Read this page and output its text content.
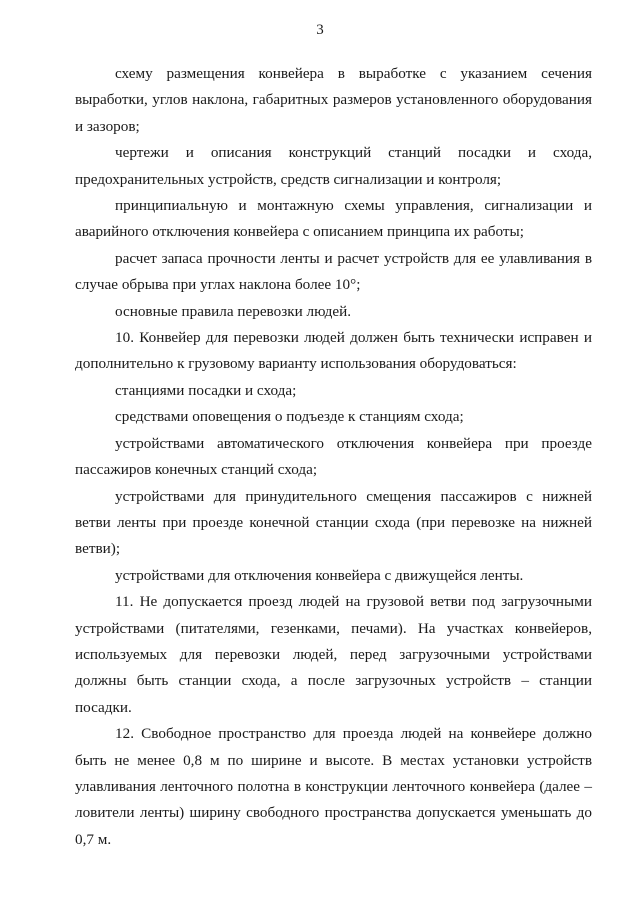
3

схему размещения конвейера в выработке с указанием сечения выработки, углов наклона, габаритных размеров установленного оборудования и зазоров;

чертежи и описания конструкций станций посадки и схода, предохранительных устройств, средств сигнализации и контроля;

принципиальную и монтажную схемы управления, сигнализации и аварийного отключения конвейера с описанием принципа их работы;

расчет запаса прочности ленты и расчет устройств для ее улавливания в случае обрыва при углах наклона более 10°;

основные правила перевозки людей.

10. Конвейер для перевозки людей должен быть технически исправен и дополнительно к грузовому варианту использования оборудоваться:

станциями посадки и схода;

средствами оповещения о подъезде к станциям схода;

устройствами автоматического отключения конвейера при проезде пассажиров конечных станций схода;

устройствами для принудительного смещения пассажиров с нижней ветви ленты при проезде конечной станции схода (при перевозке на нижней ветви);

устройствами для отключения конвейера с движущейся ленты.

11. Не допускается проезд людей на грузовой ветви под загрузочными устройствами (питателями, гезенками, печами). На участках конвейеров, используемых для перевозки людей, перед загрузочными устройствами должны быть станции схода, а после загрузочных устройств – станции посадки.

12. Свободное пространство для проезда людей на конвейере должно быть не менее 0,8 м по ширине и высоте. В местах установки устройств улавливания ленточного полотна в конструкции ленточного конвейера (далее – ловители ленты) ширину свободного пространства допускается уменьшать до 0,7 м.
